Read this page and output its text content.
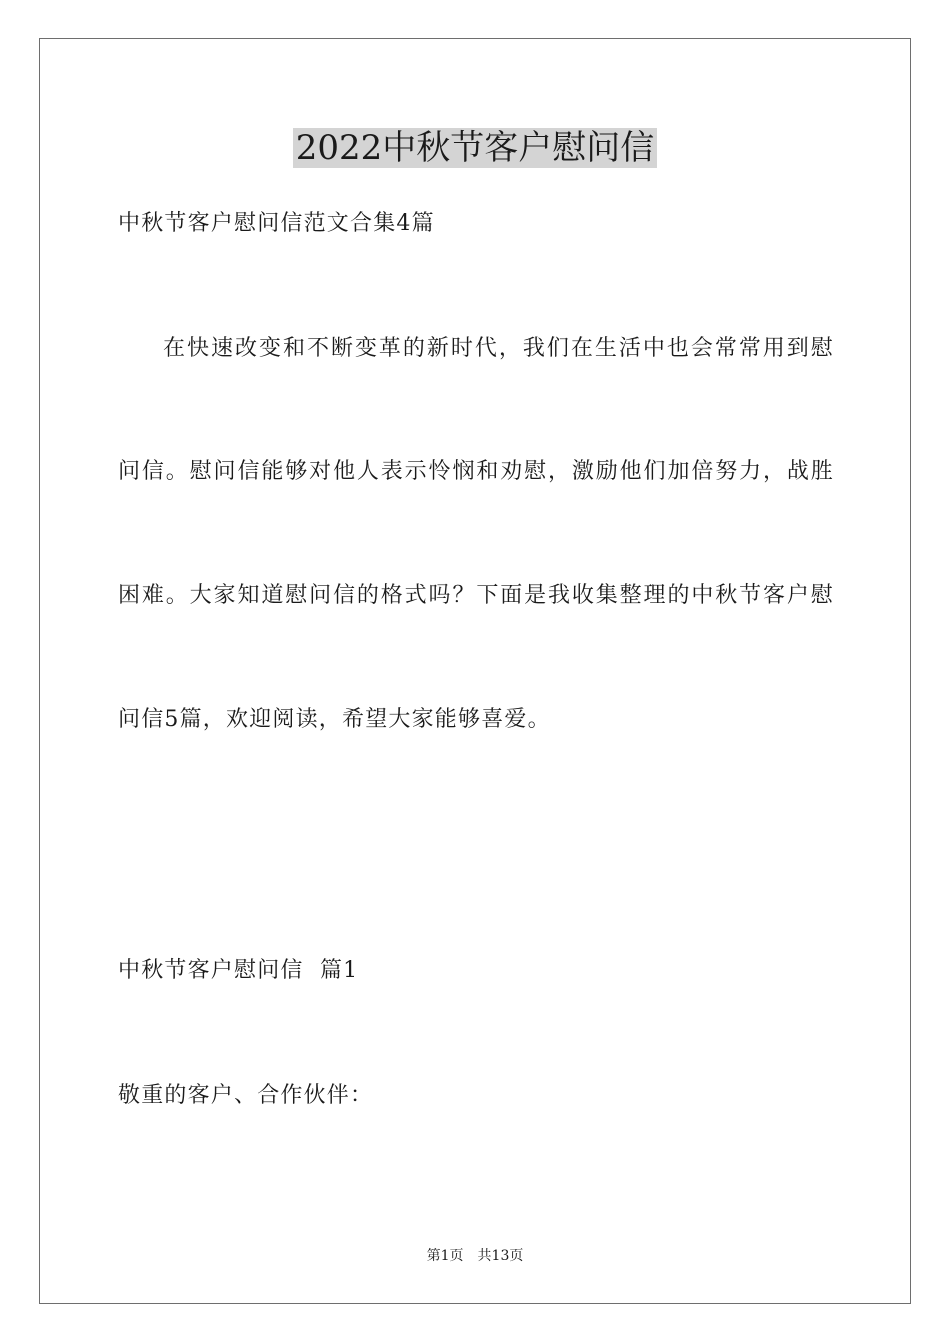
2022中秋节客户慰问信

中秋节客户慰问信范文合集4篇

在快速改变和不断变革的新时代，我们在生活中也会常常用到慰

问信。慰问信能够对他人表示怜悯和劝慰，激励他们加倍努力，战胜

困难。大家知道慰问信的格式吗？下面是我收集整理的中秋节客户慰

问信5篇，欢迎阅读，希望大家能够喜爱。

中秋节客户慰问信  篇1

敬重的客户、合作伙伴：

第1页 共13页
